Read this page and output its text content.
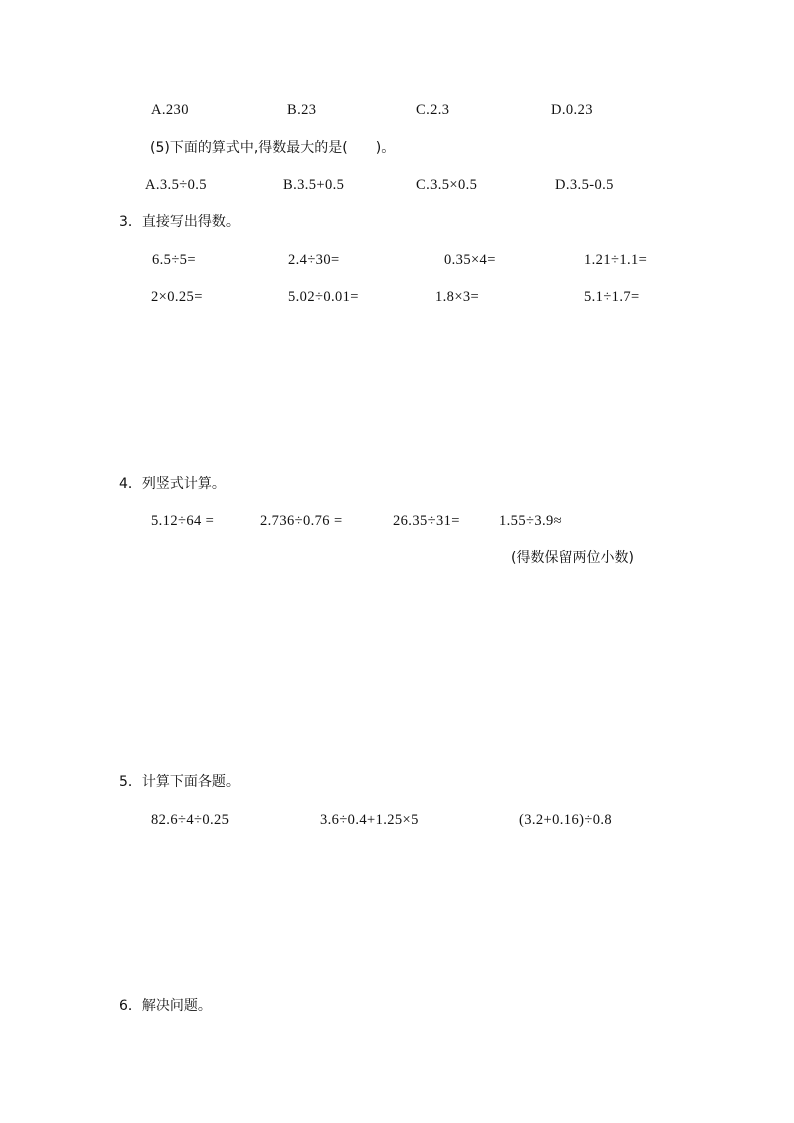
A.230	B.23	C.2.3	D.0.23
(5)下面的算式中,得数最大的是(　　)。
A.3.5÷0.5	B.3.5+0.5	C.3.5×0.5	D.3.5-0.5
3．直接写出得数。
6.5÷5=	2.4÷30=	0.35×4=	1.21÷1.1=
2×0.25=	5.02÷0.01=	1.8×3=	5.1÷1.7=
4．列竖式计算。
5.12÷64 =	2.736÷0.76 =	26.35÷31=	1.55÷3.9≈
(得数保留两位小数)
5．计算下面各题。
82.6÷4÷0.25	3.6÷0.4+1.25×5	(3.2+0.16)÷0.8
6．解决问题。
